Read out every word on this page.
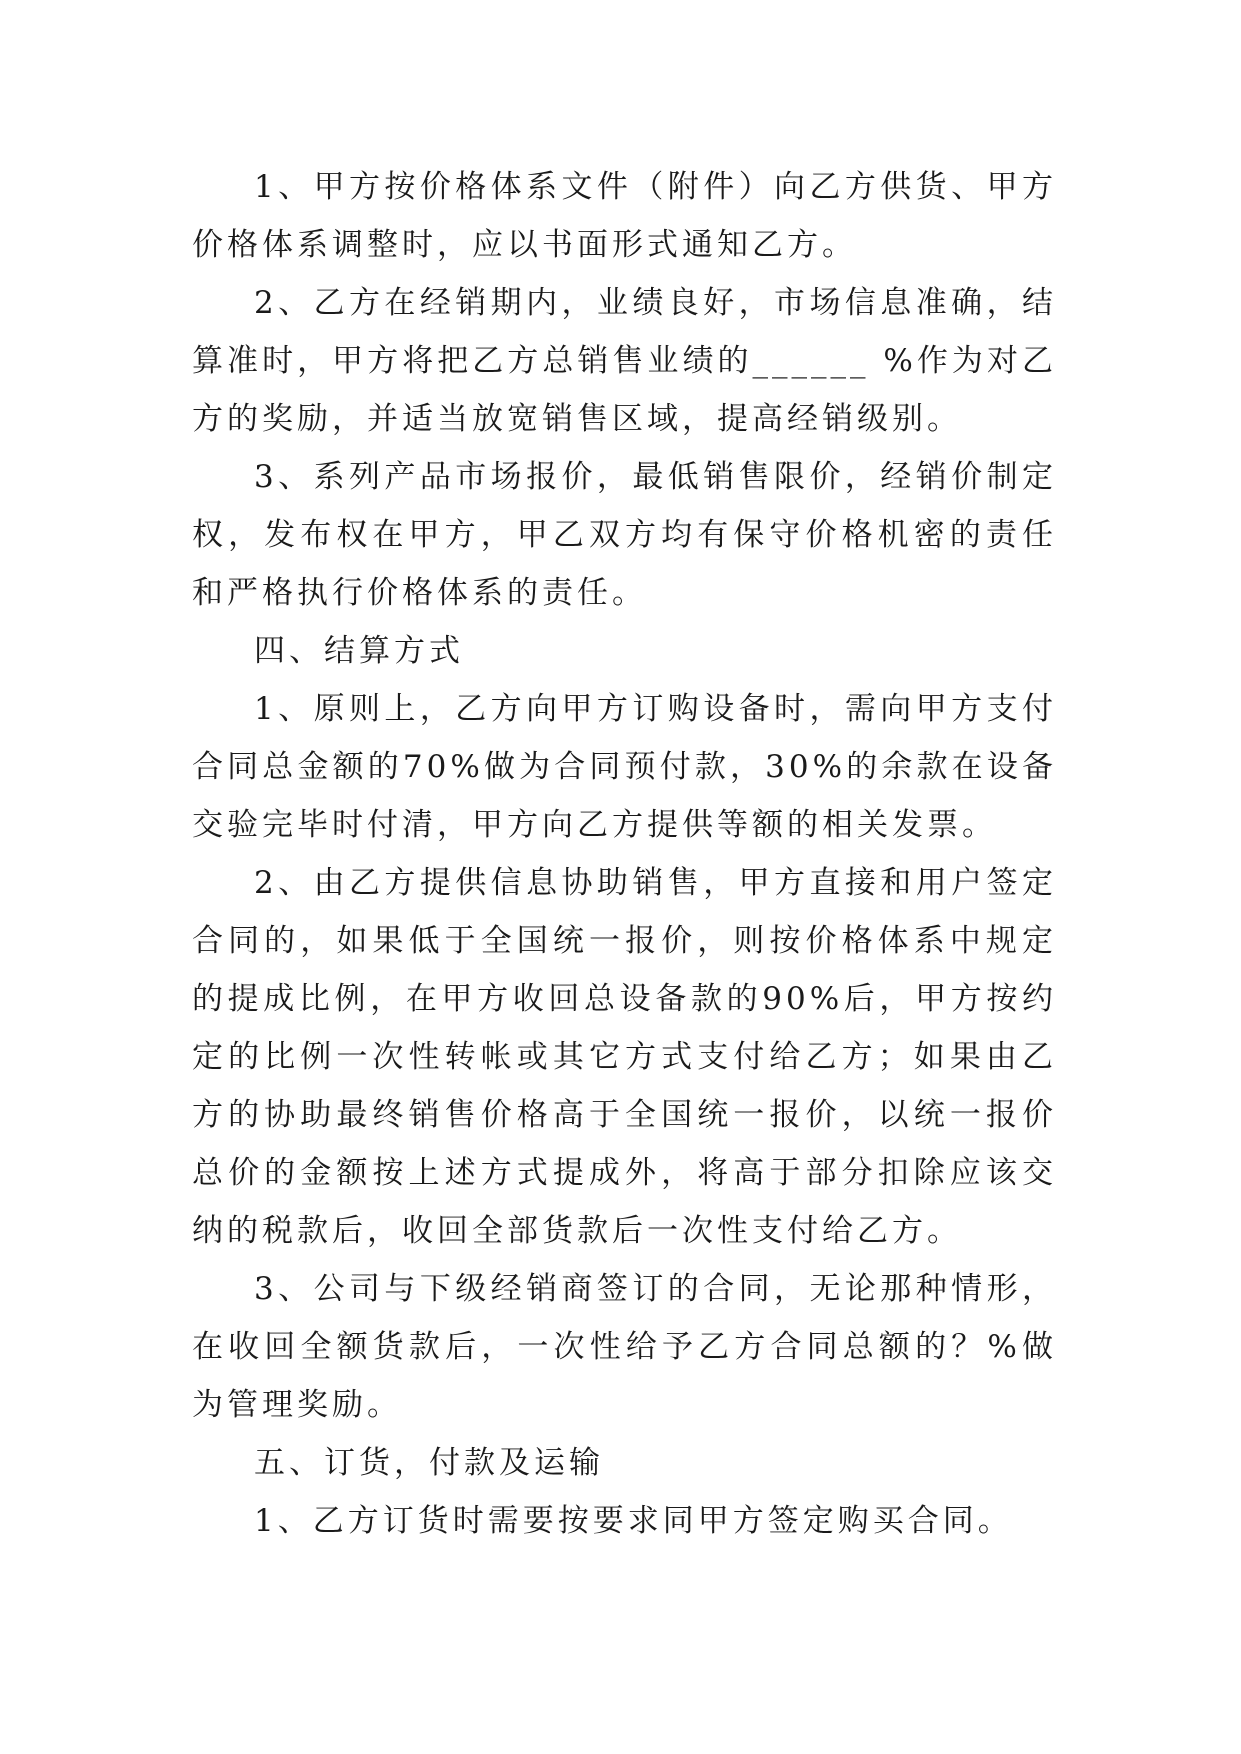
1、甲方按价格体系文件（附件）向乙方供货、甲方价格体系调整时，应以书面形式通知乙方。

2、乙方在经销期内，业绩良好，市场信息准确，结算准时，甲方将把乙方总销售业绩的______ %作为对乙方的奖励，并适当放宽销售区域，提高经销级别。

3、系列产品市场报价，最低销售限价，经销价制定权，发布权在甲方，甲乙双方均有保守价格机密的责任和严格执行价格体系的责任。

四、结算方式

1、原则上，乙方向甲方订购设备时，需向甲方支付合同总金额的70%做为合同预付款，30%的余款在设备交验完毕时付清，甲方向乙方提供等额的相关发票。

2、由乙方提供信息协助销售，甲方直接和用户签定合同的，如果低于全国统一报价，则按价格体系中规定的提成比例，在甲方收回总设备款的90%后，甲方按约定的比例一次性转帐或其它方式支付给乙方；如果由乙方的协助最终销售价格高于全国统一报价，以统一报价总价的金额按上述方式提成外，将高于部分扣除应该交纳的税款后，收回全部货款后一次性支付给乙方。

3、公司与下级经销商签订的合同，无论那种情形，在收回全额货款后，一次性给予乙方合同总额的？%做为管理奖励。

五、订货，付款及运输

1、乙方订货时需要按要求同甲方签定购买合同。
